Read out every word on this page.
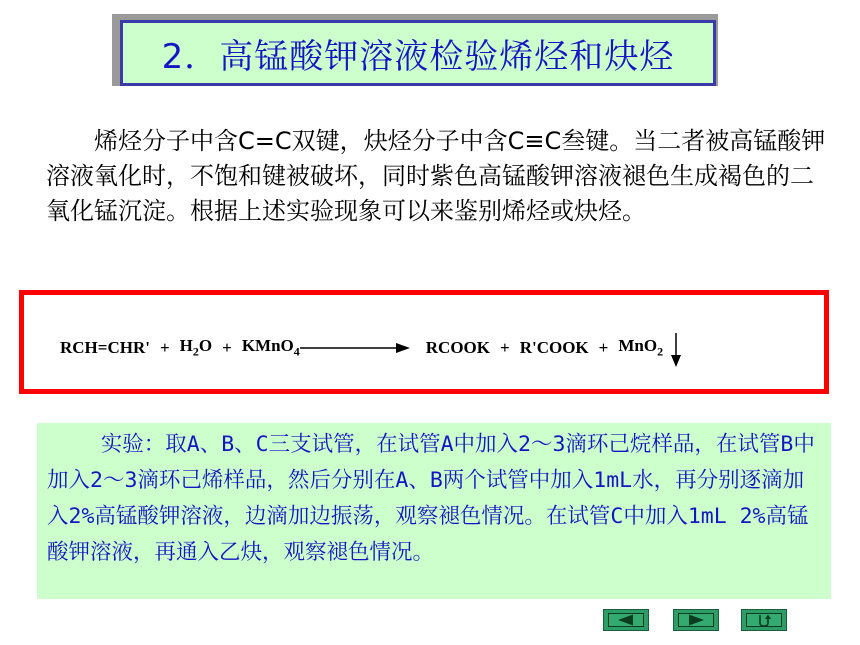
2．高锰酸钾溶液检验烯烃和炔烃

烯烃分子中含C=C双键，炔烃分子中含C≡C叁键。当二者被高锰酸钾溶液氧化时，不饱和键被破坏，同时紫色高锰酸钾溶液褪色生成褐色的二氧化锰沉淀。根据上述实验现象可以来鉴别烯烃或炔烃。

$RCH=CHR' + H_2O$ + KMnO$_4$	RCOOK + R'COOK + MnO$_2$

实验：取A、B、C三支试管，在试管A中加入2～3滴环己烷样品，在试管B中加入2～3滴环己烯样品，然后分别在A、B两个试管中加入1mL水，再分别逐滴加入2%高锰酸钾溶液，边滴加边振荡，观察褪色情况。在试管C中加入1mL 2%高锰酸钾溶液，再通入乙炔，观察褪色情况。
